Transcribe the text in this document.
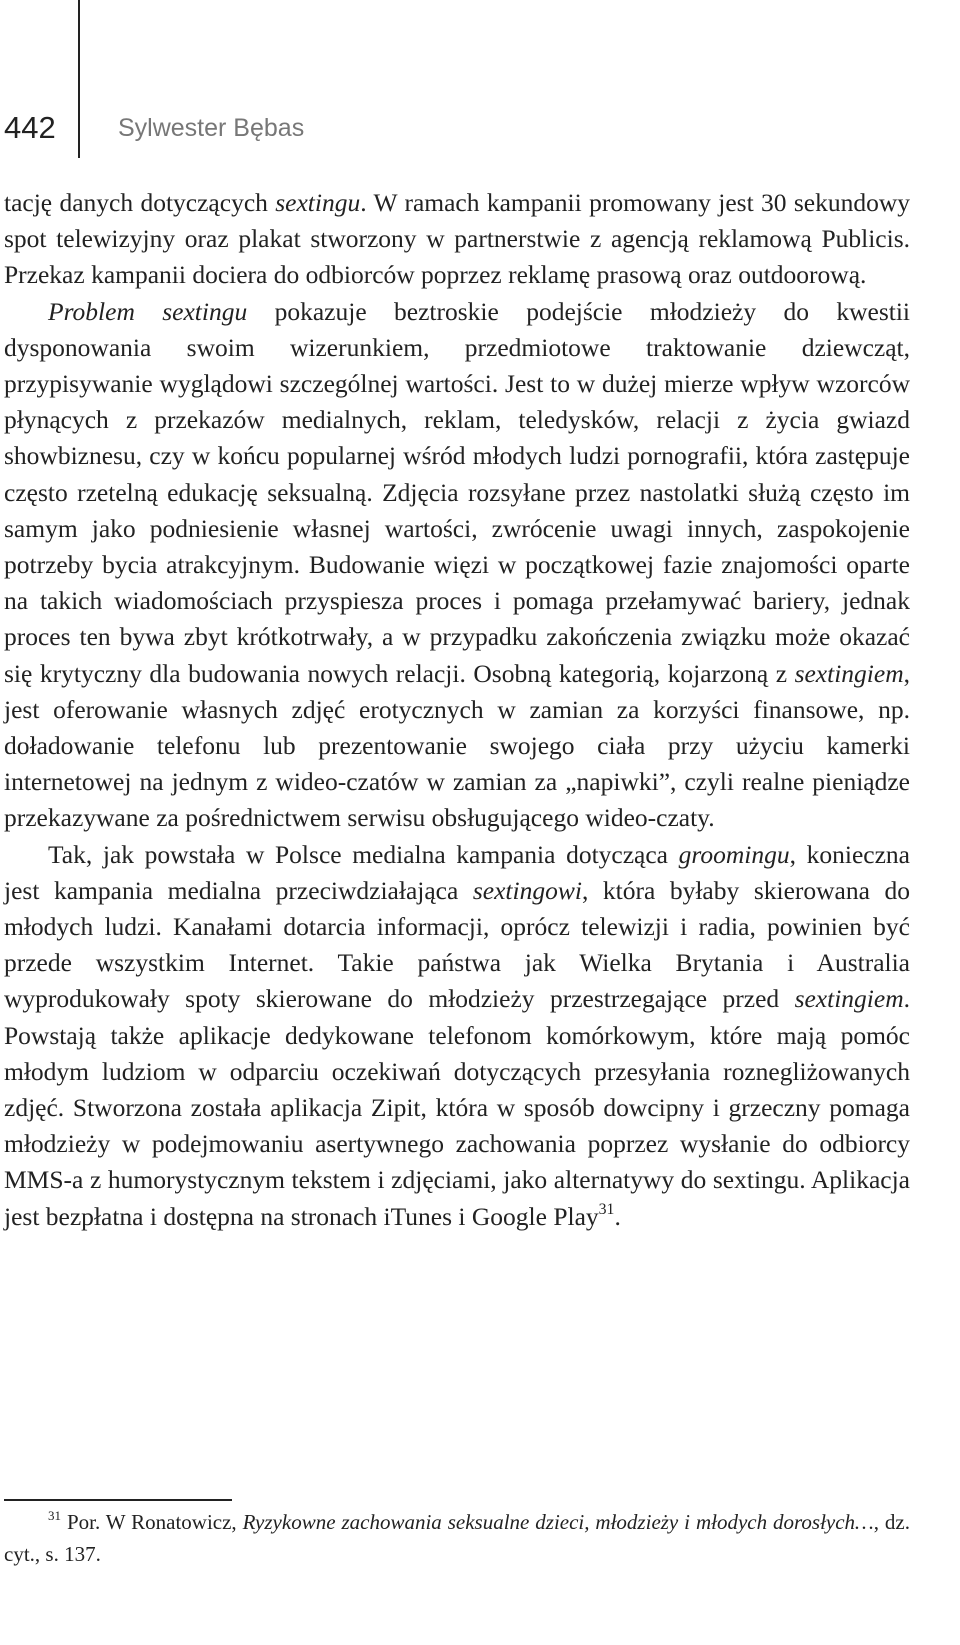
442 Sylwester Bębas

tację danych dotyczących sextingu. W ramach kampanii promowany jest 30 sekundowy spot telewizyjny oraz plakat stworzony w partnerstwie z agencją reklamową Publicis. Przekaz kampanii dociera do odbiorców poprzez reklamę prasową oraz outdoorową.

Problem sextingu pokazuje beztroskie podejście młodzieży do kwestii dysponowania swoim wizerunkiem, przedmiotowe traktowanie dziewcząt, przypisywanie wyglądowi szczególnej wartości. Jest to w dużej mierze wpływ wzorców płynących z przekazów medialnych, reklam, teledysków, relacji z życia gwiazd showbiznesu, czy w końcu popularnej wśród młodych ludzi pornografii, która zastępuje często rzetelną edukację seksualną. Zdjęcia rozsyłane przez nastolatki służą często im samym jako podniesienie własnej wartości, zwrócenie uwagi innych, zaspokojenie potrzeby bycia atrakcyjnym. Budowanie więzi w początkowej fazie znajomości oparte na takich wiadomościach przyspiesza proces i pomaga przełamywać bariery, jednak proces ten bywa zbyt krótkotrwały, a w przypadku zakończenia związku może okazać się krytyczny dla budowania nowych relacji. Osobną kategorią, kojarzoną z sextingiem, jest oferowanie własnych zdjęć erotycznych w zamian za korzyści finansowe, np. doładowanie telefonu lub prezentowanie swojego ciała przy użyciu kamerki internetowej na jednym z wideo-czatów w zamian za „napiwki”, czyli realne pieniądze przekazywane za pośrednictwem serwisu obsługującego wideo-czaty.

Tak, jak powstała w Polsce medialna kampania dotycząca groomingu, konieczna jest kampania medialna przeciwdziałająca sextingowi, która byłaby skierowana do młodych ludzi. Kanałami dotarcia informacji, oprócz telewizji i radia, powinien być przede wszystkim Internet. Takie państwa jak Wielka Brytania i Australia wyprodukowały spoty skierowane do młodzieży przestrzegające przed sextingiem. Powstają także aplikacje dedykowane telefonom komórkowym, które mają pomóc młodym ludziom w odparciu oczekiwań dotyczących przesyłania roznegliżowanych zdjęć. Stworzona została aplikacja Zipit, która w sposób dowcipny i grzeczny pomaga młodzieży w podejmowaniu asertywnego zachowania poprzez wysłanie do odbiorcy MMS-a z humorystycznym tekstem i zdjęciami, jako alternatywy do sextingu. Aplikacja jest bezpłatna i dostępna na stronach iTunes i Google Play$^{31}$.

$^{31}$ Por. W Ronatowicz, Ryzykowne zachowania seksualne dzieci, młodzieży i młodych dorosłych…, dz. cyt., s. 137.
